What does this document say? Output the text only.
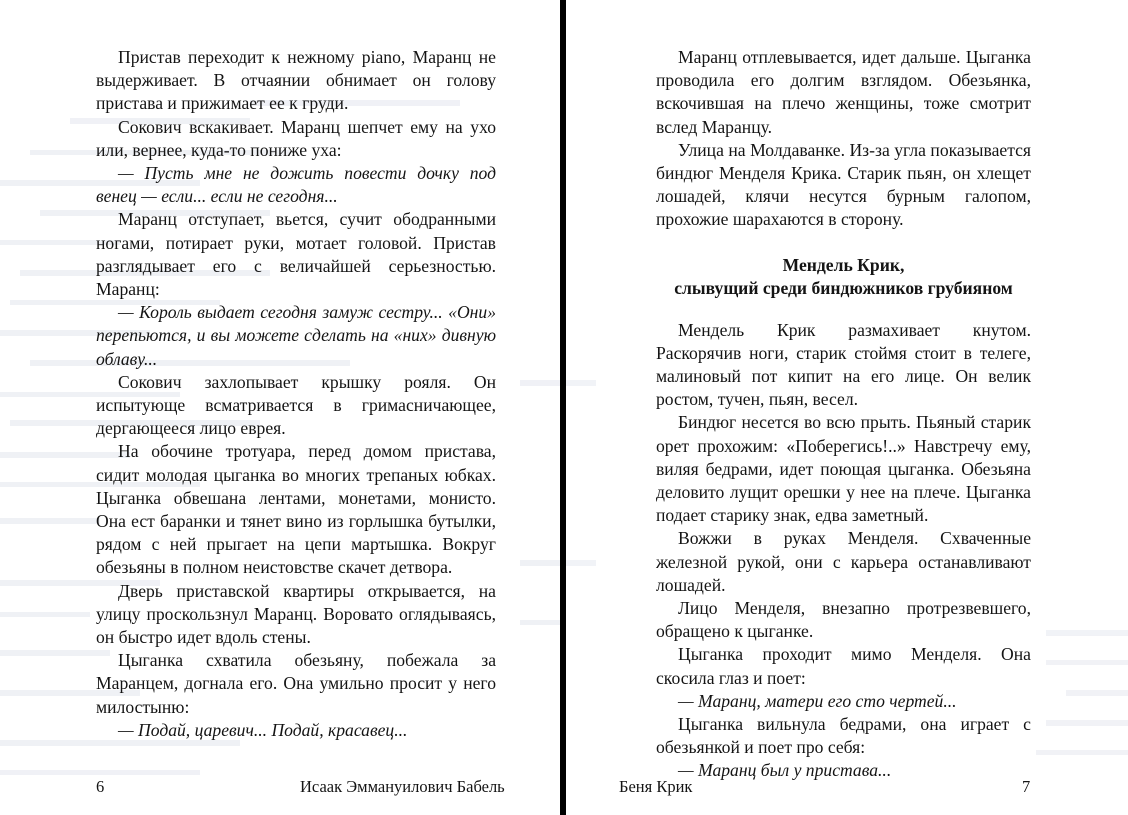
Пристав переходит к нежному piano, Маранц не выдерживает. В отчаянии обнимает он голову пристава и прижимает ее к груди.

Сокович вскакивает. Маранц шепчет ему на ухо или, вернее, куда-то пониже уха:

— Пусть мне не дожить повести дочку под венец — если... если не сегодня...

Маранц отступает, вьется, сучит ободранными ногами, потирает руки, мотает головой. Пристав разглядывает его с величайшей серьезностью. Маранц:

— Король выдает сегодня замуж сестру... «Они» перепьются, и вы можете сделать на «них» дивную облаву...

Сокович захлопывает крышку рояля. Он испытующе всматривается в гримасничающее, дергающееся лицо еврея.

На обочине тротуара, перед домом пристава, сидит молодая цыганка во многих трепаных юбках. Цыганка обвешана лентами, монетами, монисто. Она ест баранки и тянет вино из горлышка бутылки, рядом с ней прыгает на цепи мартышка. Вокруг обезьяны в полном неистовстве скачет детвора.

Дверь приставской квартиры открывается, на улицу проскользнул Маранц. Воровато оглядываясь, он быстро идет вдоль стены.

Цыганка схватила обезьяну, побежала за Маранцем, догнала его. Она умильно просит у него милостыню:

— Подай, царевич... Подай, красавец...

6	Исаак Эммануилович Бабель

Маранц отплевывается, идет дальше. Цыганка проводила его долгим взглядом. Обезьянка, вскочившая на плечо женщины, тоже смотрит вслед Маранцу.

Улица на Молдаванке. Из-за угла показывается биндюг Менделя Крика. Старик пьян, он хлещет лошадей, клячи несутся бурным галопом, прохожие шарахаются в сторону.

Мендель Крик,
слывущий среди биндюжников грубияном

Мендель Крик размахивает кнутом. Раскорячив ноги, старик стоймя стоит в телеге, малиновый пот кипит на его лице. Он велик ростом, тучен, пьян, весел.

Биндюг несется во всю прыть. Пьяный старик орет прохожим: «Поберегись!..» Навстречу ему, виляя бедрами, идет поющая цыганка. Обезьяна деловито лущит орешки у нее на плече. Цыганка подает старику знак, едва заметный.

Вожжи в руках Менделя. Схваченные железной рукой, они с карьера останавливают лошадей.

Лицо Менделя, внезапно протрезвевшего, обращено к цыганке.

Цыганка проходит мимо Менделя. Она скосила глаз и поет:

— Маранц, матери его сто чертей...

Цыганка вильнула бедрами, она играет с обезьянкой и поет про себя:

— Маранц был у пристава...

Беня Крик	7
